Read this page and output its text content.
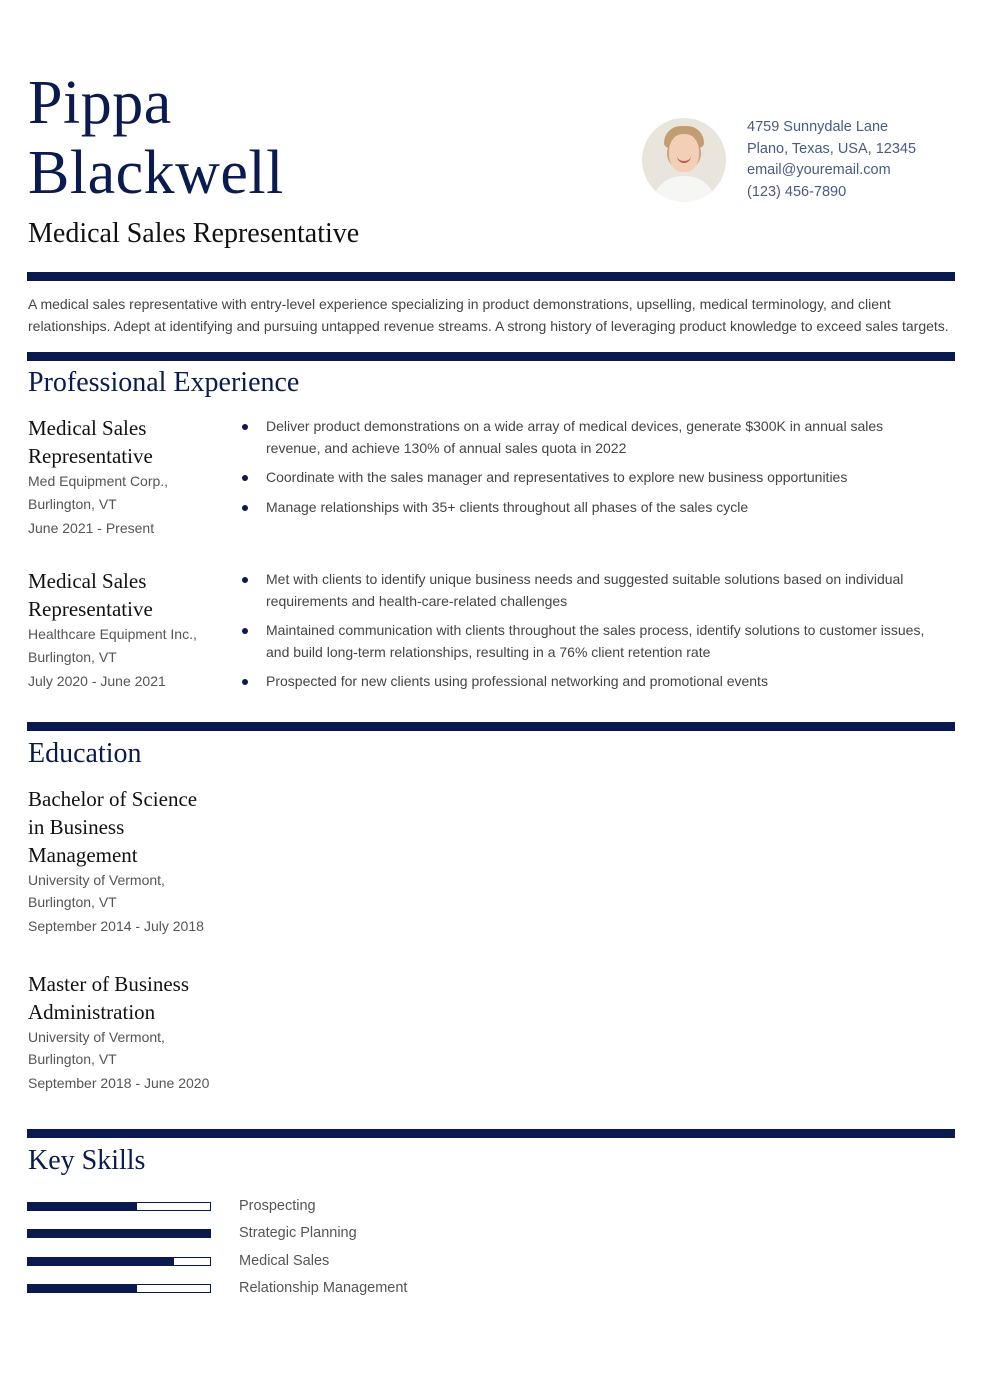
Pippa
Blackwell
Medical Sales Representative
4759 Sunnydale Lane
Plano, Texas, USA, 12345
email@youremail.com
(123) 456-7890
A medical sales representative with entry-level experience specializing in product demonstrations, upselling, medical terminology, and client relationships. Adept at identifying and pursuing untapped revenue streams. A strong history of leveraging product knowledge to exceed sales targets.
Professional Experience
Medical Sales
Representative
Med Equipment Corp.,
Burlington, VT
June 2021 - Present
Deliver product demonstrations on a wide array of medical devices, generate $300K in annual sales revenue, and achieve 130% of annual sales quota in 2022
Coordinate with the sales manager and representatives to explore new business opportunities
Manage relationships with 35+ clients throughout all phases of the sales cycle
Medical Sales
Representative
Healthcare Equipment Inc.,
Burlington, VT
July 2020 - June 2021
Met with clients to identify unique business needs and suggested suitable solutions based on individual requirements and health-care-related challenges
Maintained communication with clients throughout the sales process, identify solutions to customer issues, and build long-term relationships, resulting in a 76% client retention rate
Prospected for new clients using professional networking and promotional events
Education
Bachelor of Science
in Business
Management
University of Vermont,
Burlington, VT
September 2014 - July 2018
Master of Business
Administration
University of Vermont,
Burlington, VT
September 2018 - June 2020
Key Skills
Prospecting
Strategic Planning
Medical Sales
Relationship Management
